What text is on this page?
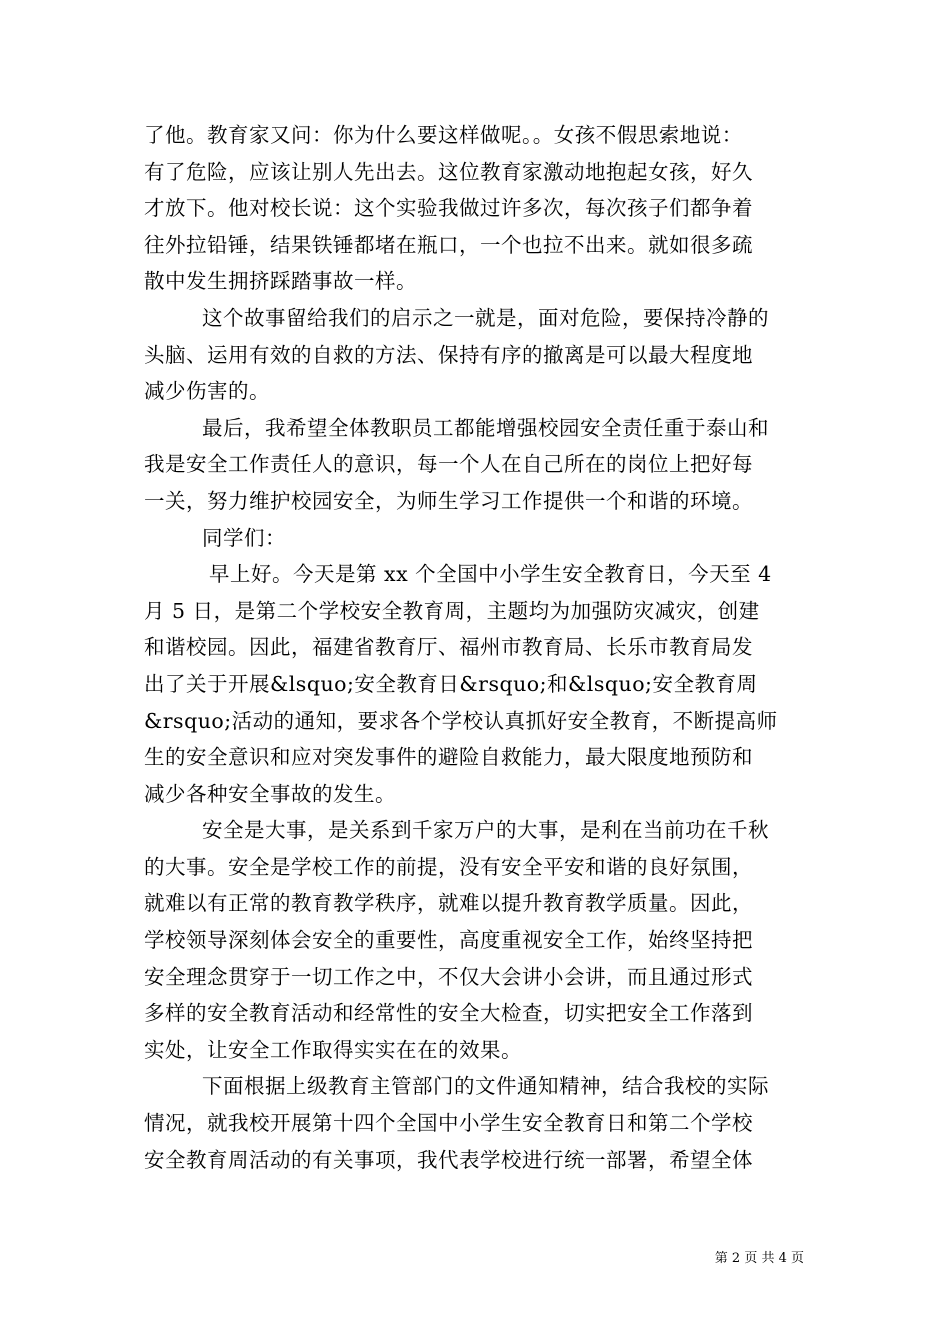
了他。教育家又问：你为什么要这样做呢。。女孩不假思索地说：
有了危险，应该让别人先出去。这位教育家激动地抱起女孩，好久
才放下。他对校长说：这个实验我做过许多次，每次孩子们都争着
往外拉铅锤，结果铁锤都堵在瓶口，一个也拉不出来。就如很多疏
散中发生拥挤踩踏事故一样。
这个故事留给我们的启示之一就是，面对危险，要保持冷静的
头脑、运用有效的自救的方法、保持有序的撤离是可以最大程度地
减少伤害的。
最后，我希望全体教职员工都能增强校园安全责任重于泰山和
我是安全工作责任人的意识，每一个人在自己所在的岗位上把好每
一关，努力维护校园安全，为师生学习工作提供一个和谐的环境。
同学们：
早上好。今天是第 xx 个全国中小学生安全教育日，今天至 4
月 5 日，是第二个学校安全教育周，主题均为加强防灾减灾，创建
和谐校园。因此，福建省教育厅、福州市教育局、长乐市教育局发
出了关于开展&lsquo;安全教育日&rsquo;和&lsquo;安全教育周
&rsquo;活动的通知，要求各个学校认真抓好安全教育，不断提高师
生的安全意识和应对突发事件的避险自救能力，最大限度地预防和
减少各种安全事故的发生。
安全是大事，是关系到千家万户的大事，是利在当前功在千秋
的大事。安全是学校工作的前提，没有安全平安和谐的良好氛围，
就难以有正常的教育教学秩序，就难以提升教育教学质量。因此，
学校领导深刻体会安全的重要性，高度重视安全工作，始终坚持把
安全理念贯穿于一切工作之中，不仅大会讲小会讲，而且通过形式
多样的安全教育活动和经常性的安全大检查，切实把安全工作落到
实处，让安全工作取得实实在在的效果。
下面根据上级教育主管部门的文件通知精神，结合我校的实际
情况，就我校开展第十四个全国中小学生安全教育日和第二个学校
安全教育周活动的有关事项，我代表学校进行统一部署，希望全体
第 2 页 共 4 页
